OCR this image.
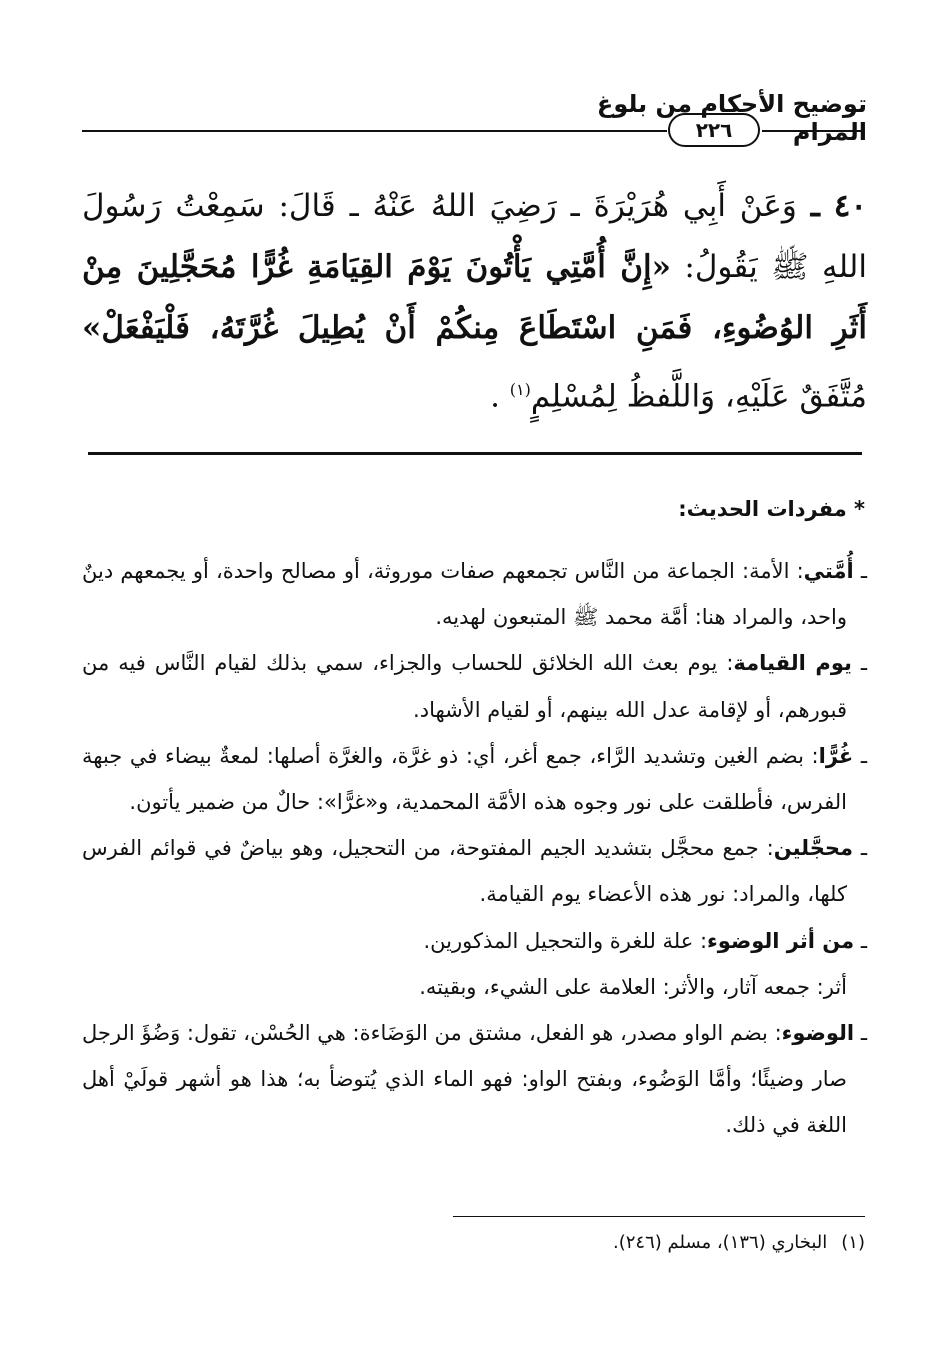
توضيح الأحكام من بلوغ المرام
٢٢٦
٤٠ ـ وَعَنْ أَبِي هُرَيْرَةَ ـ رَضِيَ اللهُ عَنْهُ ـ قَالَ: سَمِعْتُ رَسُولَ اللهِ ﷺ يَقُولُ: «إِنَّ أُمَّتِي يَأْتُونَ يَوْمَ القِيَامَةِ غُرًّا مُحَجَّلِينَ مِنْ أَثَرِ الوُضُوءِ، فَمَنِ اسْتَطَاعَ مِنكُمْ أَنْ يُطِيلَ غُرَّتَهُ، فَلْيَفْعَلْ» مُتَّفَقٌ عَلَيْهِ، وَاللَّفظُ لِمُسْلِمٍ$^{(١)}$ .
* مفردات الحديث:

ـ أُمَّتي: الأمة: الجماعة من النَّاس تجمعهم صفات موروثة، أو مصالح واحدة، أو يجمعهم دينٌ واحد، والمراد هنا: أمَّة محمد ﷺ المتبعون لهديه.

ـ يوم القيامة: يوم بعث الله الخلائق للحساب والجزاء، سمي بذلك لقيام النَّاس فيه من قبورهم، أو لإقامة عدل الله بينهم، أو لقيام الأشهاد.

ـ غُرًّا: بضم الغين وتشديد الرَّاء، جمع أغر، أي: ذو غرَّة، والغرَّة أصلها: لمعةٌ بيضاء في جبهة الفرس، فأطلقت على نور وجوه هذه الأمَّة المحمدية، و«غرًّا»: حالٌ من ضمير يأتون.

ـ محجَّلين: جمع محجَّل بتشديد الجيم المفتوحة، من التحجيل، وهو بياضٌ في قوائم الفرس كلها، والمراد: نور هذه الأعضاء يوم القيامة.

ـ من أثر الوضوء: علة للغرة والتحجيل المذكورين.

أثر: جمعه آثار، والأثر: العلامة على الشيء، وبقيته.

ـ الوضوء: بضم الواو مصدر، هو الفعل، مشتق من الوَضَاءة: هي الحُسْن، تقول: وَضُؤَ الرجل صار وضيئًا؛ وأمَّا الوَضُوء، وبفتح الواو: فهو الماء الذي يُتوضأ به؛ هذا هو أشهر قولَيْ أهل اللغة في ذلك.

(١)البخاري (١٣٦)، مسلم (٢٤٦).
